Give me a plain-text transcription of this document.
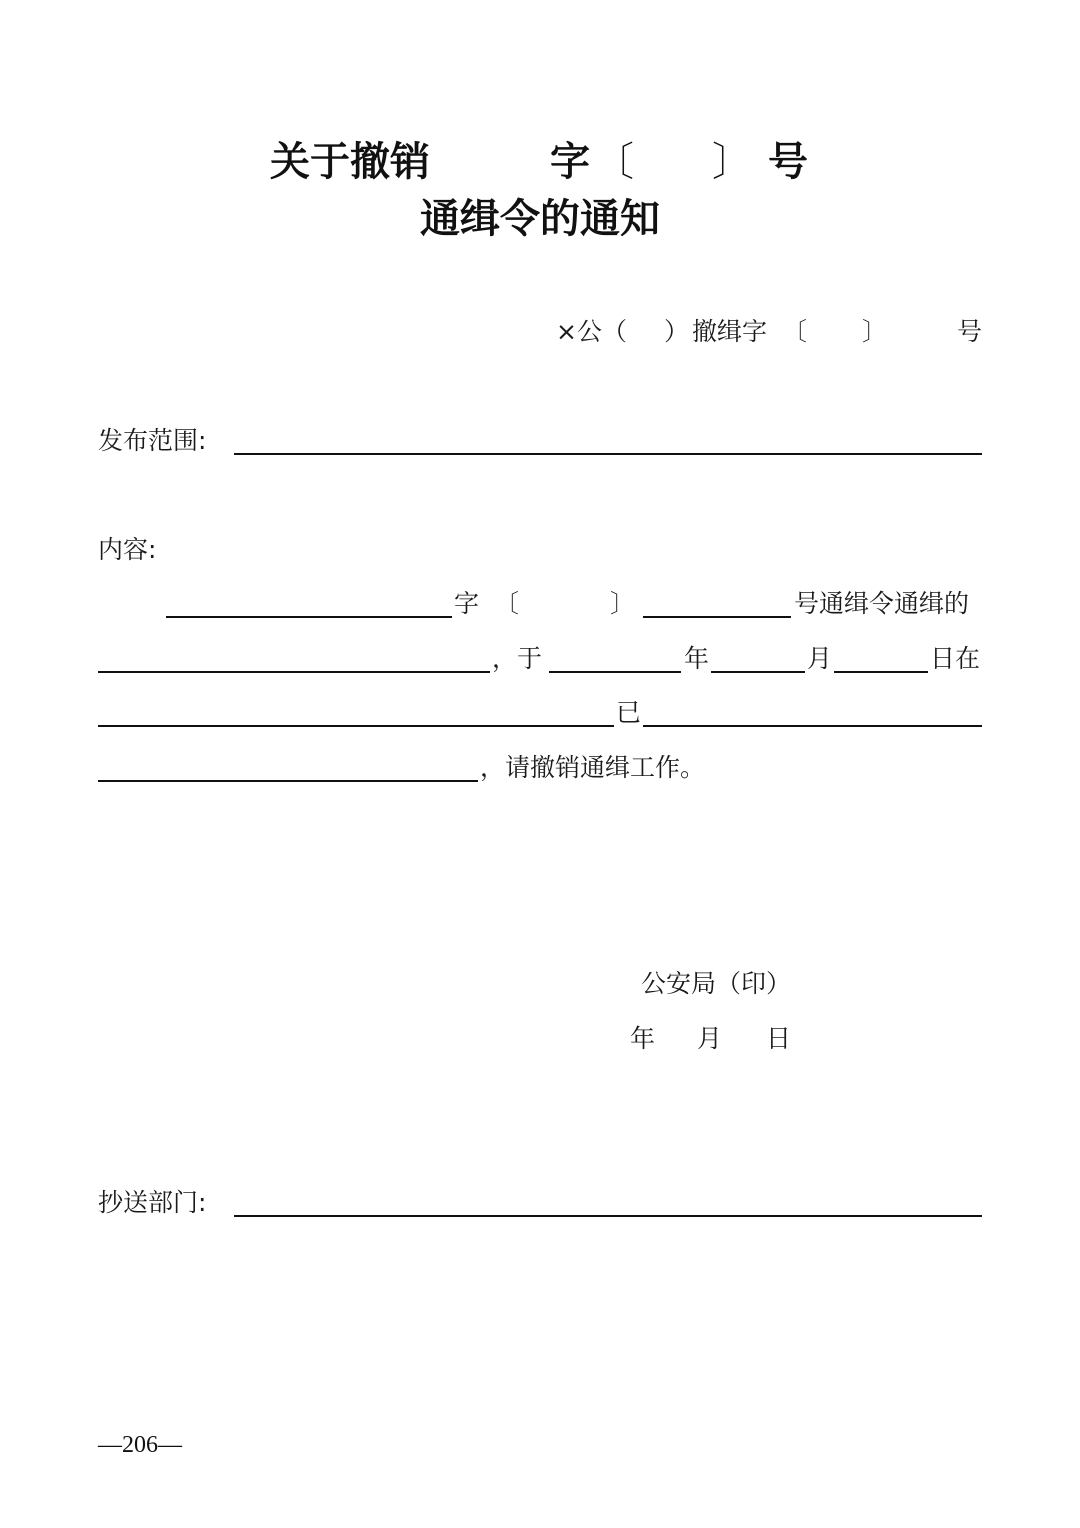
关于撤销	字 〔 〕 号
通缉令的通知
×公（ ） 撤缉字 〔 〕	号
发布范围:
内容:
字 〔	〕	号通缉令通缉的
，于	年	月	日在
已
，请撤销通缉工作。
公安局（印）
年 月 日
抄送部门:
—206—
